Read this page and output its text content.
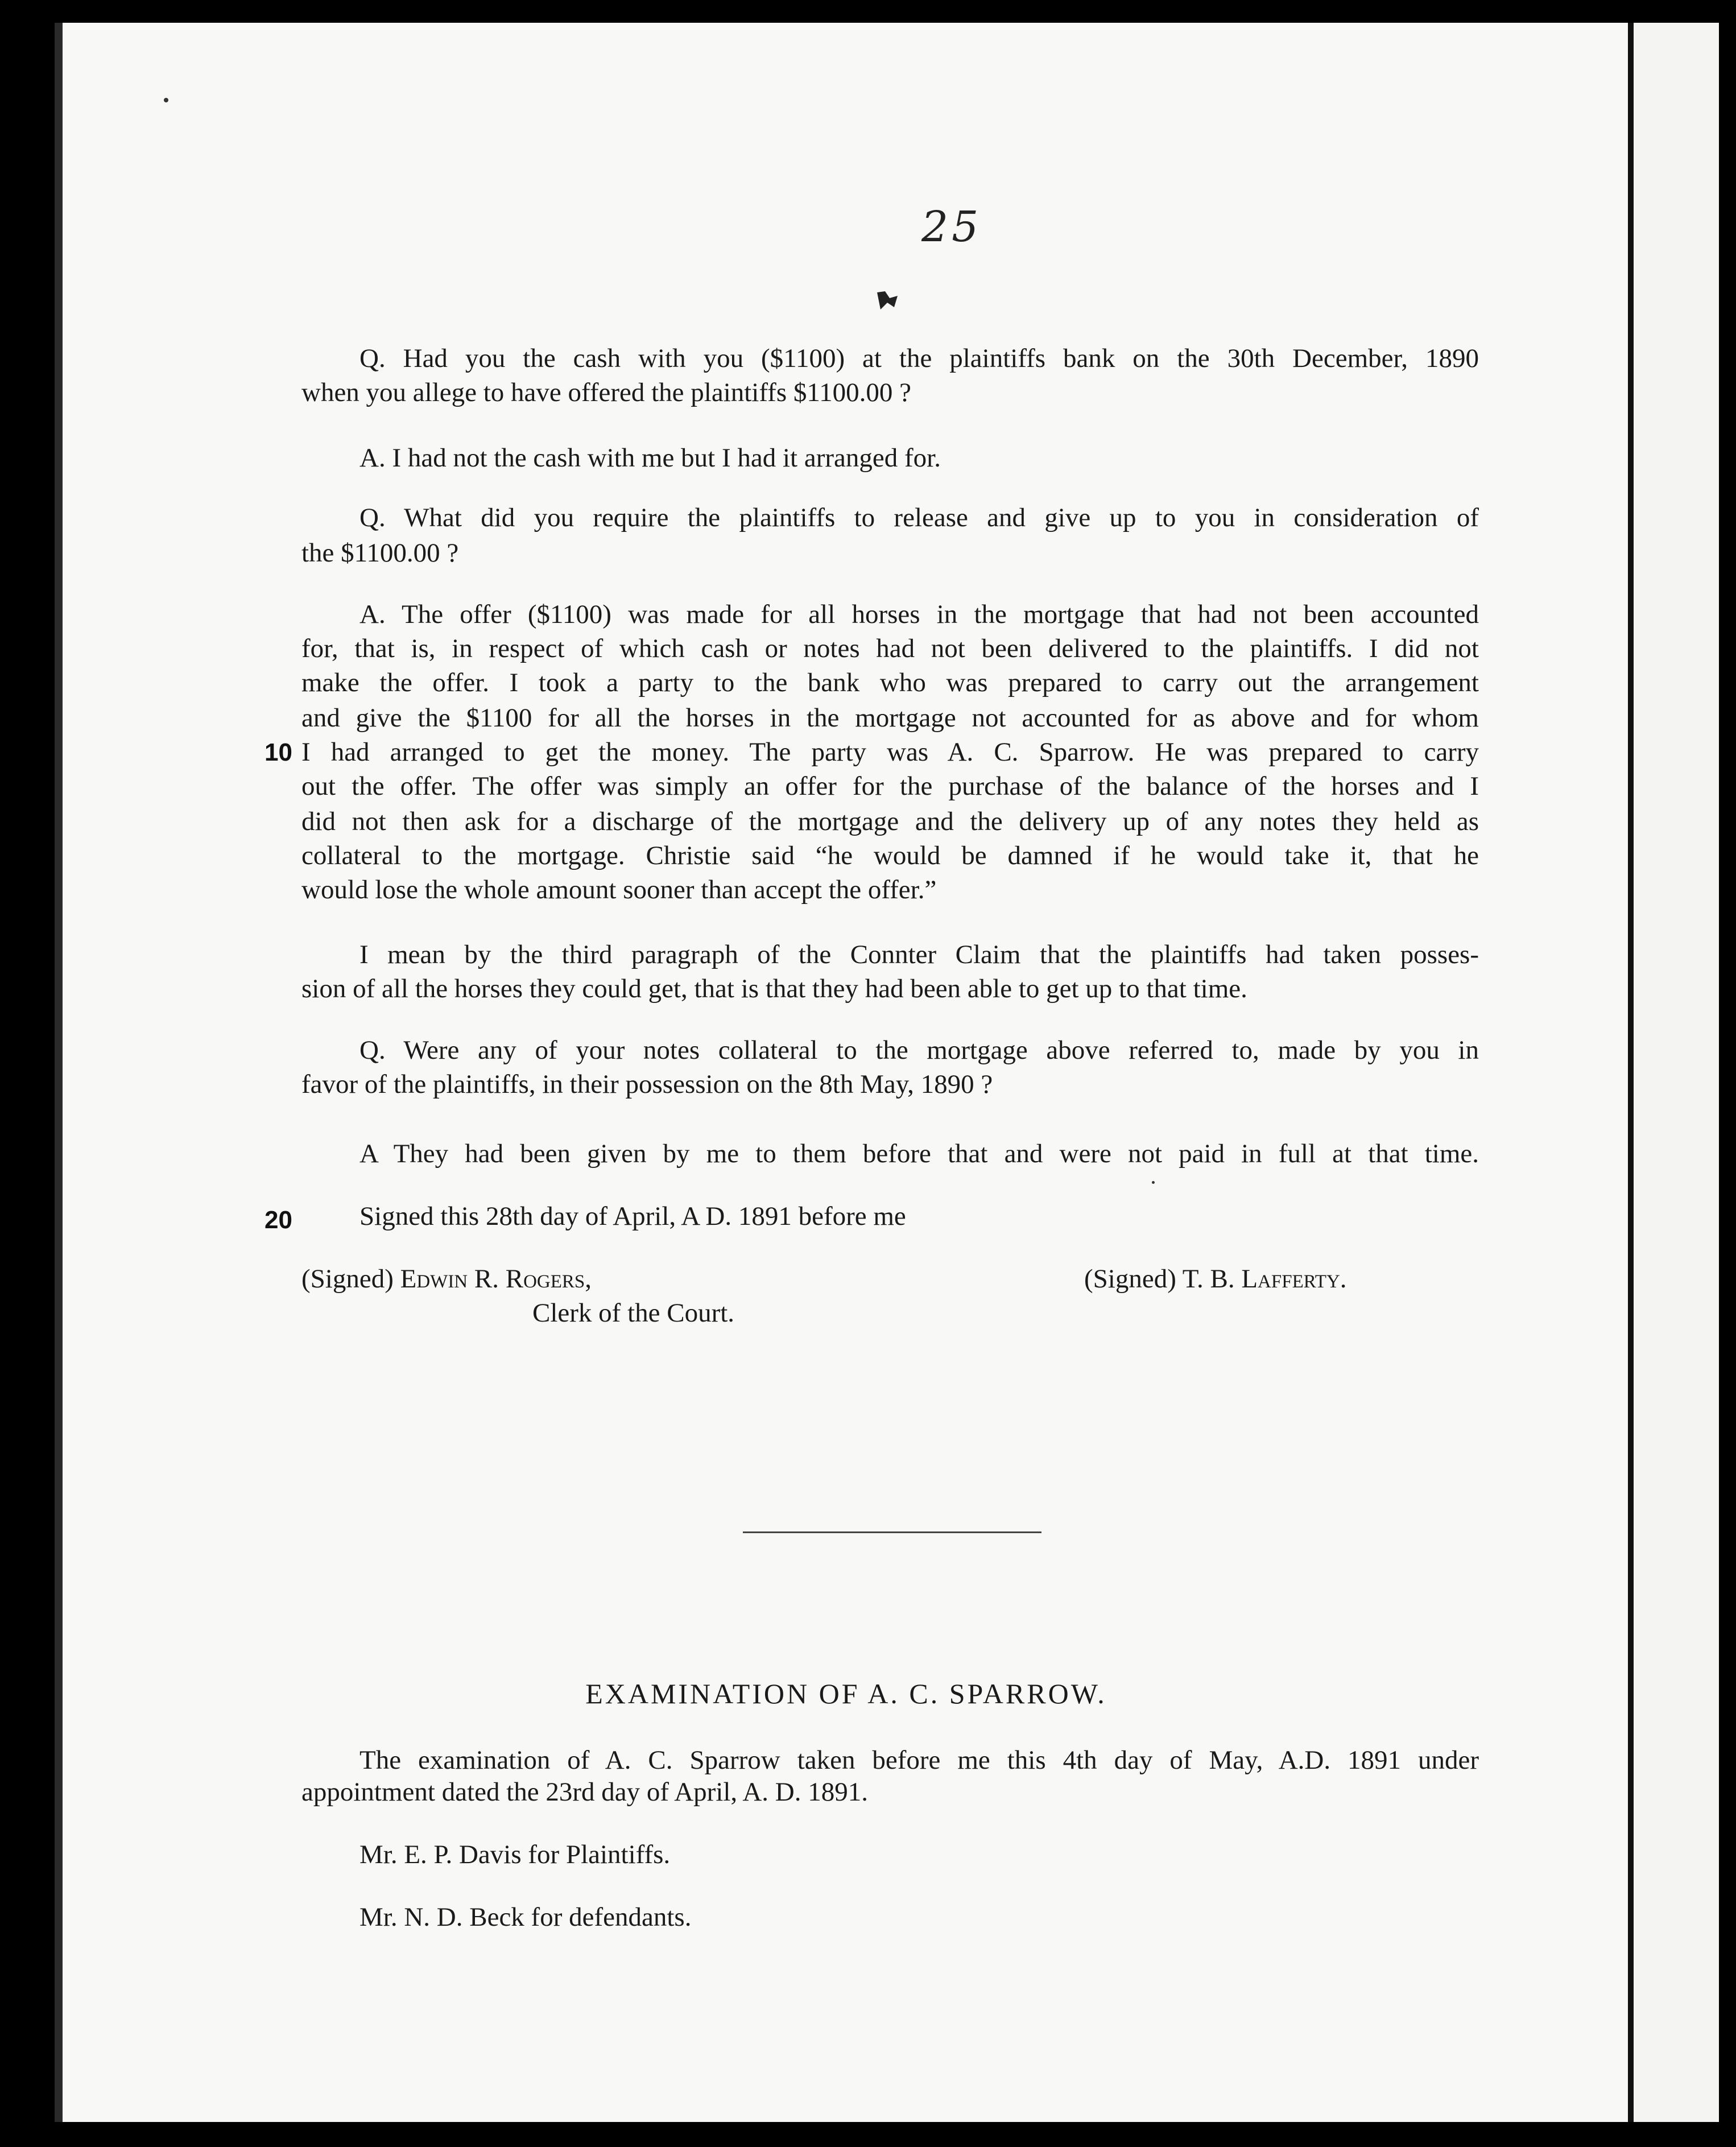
25
Q. Had you the cash with you ($1100) at the plaintiffs bank on the 30th December, 1890
when you allege to have offered the plaintiffs $1100.00 ?
A. I had not the cash with me but I had it arranged for.
Q. What did you require the plaintiffs to release and give up to you in consideration of
the $1100.00 ?
A. The offer ($1100) was made for all horses in the mortgage that had not been accounted
for, that is, in respect of which cash or notes had not been delivered to the plaintiffs. I did not
make the offer. I took a party to the bank who was prepared to carry out the arrangement
and give the $1100 for all the horses in the mortgage not accounted for as above and for whom
10 I had arranged to get the money. The party was A. C. Sparrow. He was prepared to carry
out the offer. The offer was simply an offer for the purchase of the balance of the horses and I
did not then ask for a discharge of the mortgage and the delivery up of any notes they held as
collateral to the mortgage. Christie said “he would be damned if he would take it, that he
would lose the whole amount sooner than accept the offer.”
I mean by the third paragraph of the Connter Claim that the plaintiffs had taken posses-
sion of all the horses they could get, that is that they had been able to get up to that time.
Q. Were any of your notes collateral to the mortgage above referred to, made by you in
favor of the plaintiffs, in their possession on the 8th May, 1890 ?
A They had been given by me to them before that and were not paid in full at that time.
20	Signed this 28th day of April, A D. 1891 before me
(Signed) Edwin R. Rogers,
Clerk of the Court.
(Signed) T. B. Lafferty.
EXAMINATION OF A. C. SPARROW.
The examination of A. C. Sparrow taken before me this 4th day of May, A.D. 1891 under
appointment dated the 23rd day of April, A. D. 1891.
Mr. E. P. Davis for Plaintiffs.
Mr. N. D. Beck for defendants.
